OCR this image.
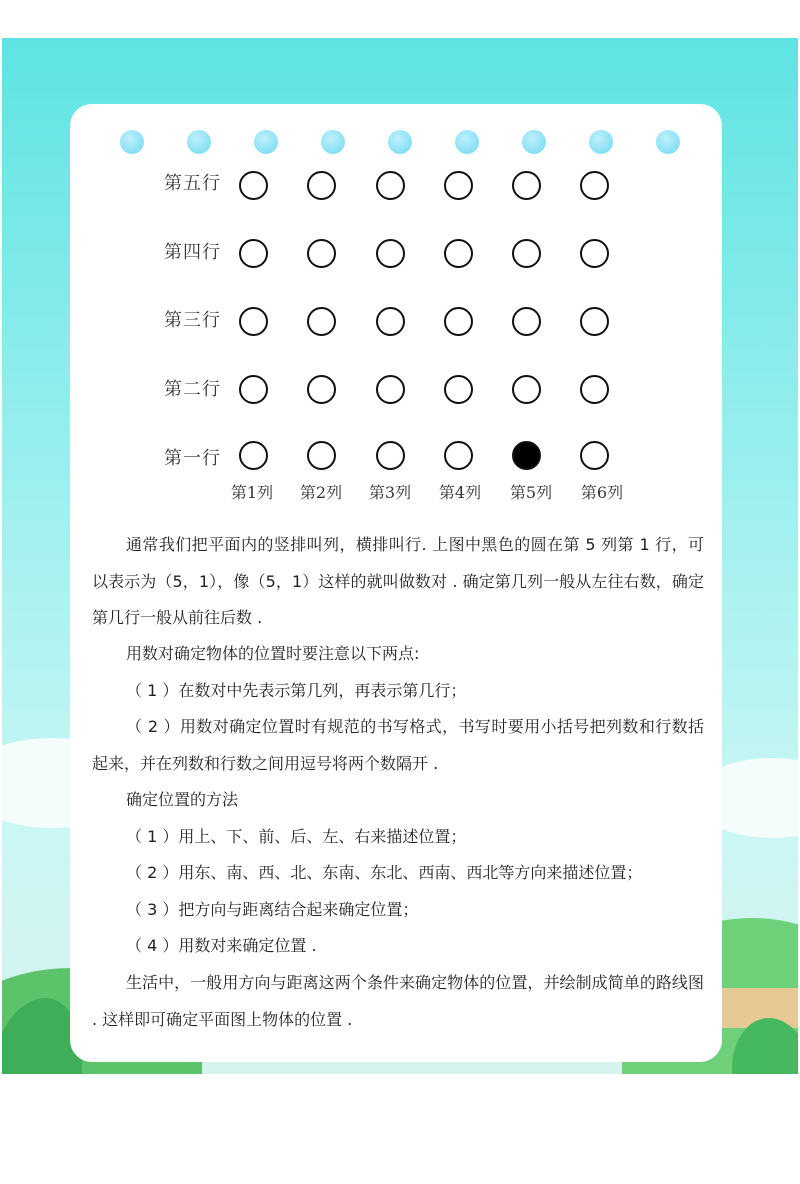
第五行
第四行
第三行
第二行
第一行
第1列	第2列	第3列	第4列	第5列	第6列

通常我们把平面内的竖排叫列，横排叫行. 上图中黑色的圆在第 5 列第 1 行，可以表示为（5，1），像（5，1）这样的就叫做数对 . 确定第几列一般从左往右数，确定第几行一般从前往后数 .

用数对确定物体的位置时要注意以下两点:

（ 1 ）在数对中先表示第几列，再表示第几行；

（ 2 ）用数对确定位置时有规范的书写格式，书写时要用小括号把列数和行数括起来，并在列数和行数之间用逗号将两个数隔开 .

确定位置的方法

（ 1 ）用上、下、前、后、左、右来描述位置；

（ 2 ）用东、南、西、北、东南、东北、西南、西北等方向来描述位置；

（ 3 ）把方向与距离结合起来确定位置；

（ 4 ）用数对来确定位置 .

生活中，一般用方向与距离这两个条件来确定物体的位置，并绘制成简单的路线图 . 这样即可确定平面图上物体的位置 .
